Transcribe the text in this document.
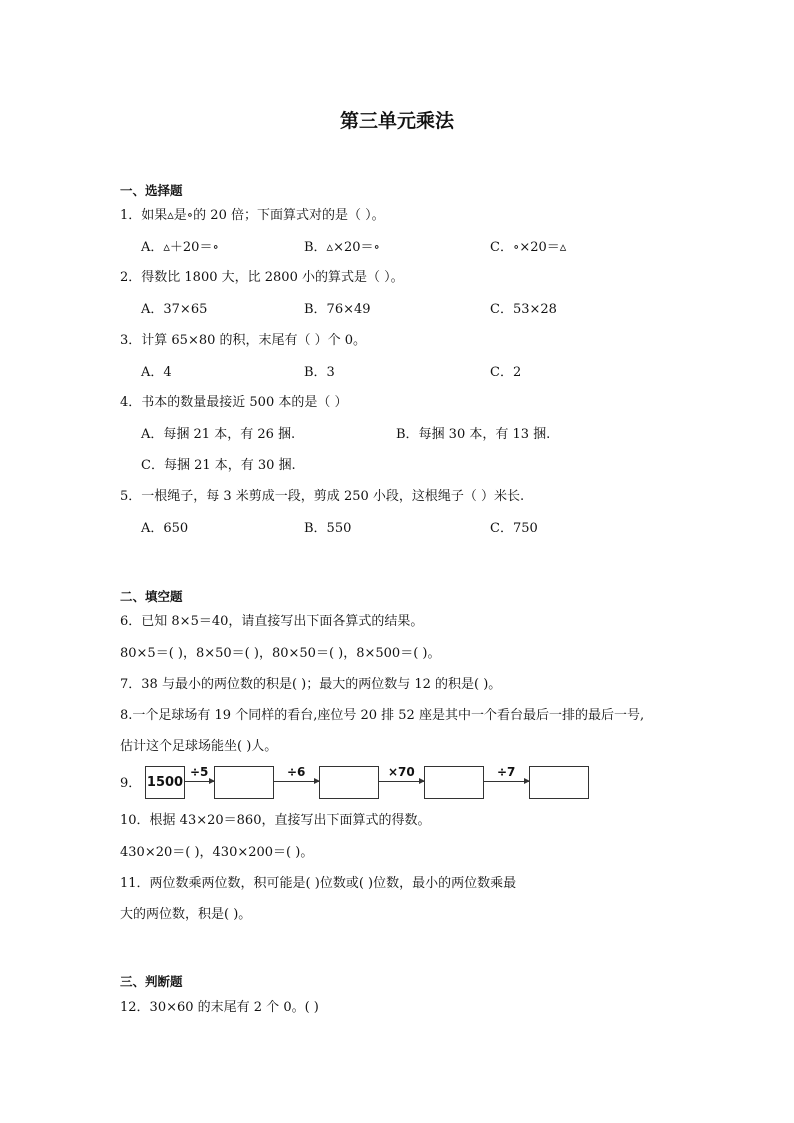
第三单元乘法
一、选择题
1．如果▵是∘的 20 倍；下面算式对的是（ ）。
A．▵＋20＝∘	B．▵×20＝∘	C．∘×20＝▵
2．得数比 1800 大，比 2800 小的算式是（ ）。
A．37×65	B．76×49	C．53×28
3．计算 65×80 的积，末尾有（ ）个 0。
A．4	B．3	C．2
4．书本的数量最接近 500 本的是（ ）
A．每捆 21 本，有 26 捆.	B．每捆 30 本，有 13 捆.
C．每捆 21 本，有 30 捆.
5．一根绳子，每 3 米剪成一段，剪成 250 小段，这根绳子（ ）米长.
A．650	B．550	C．750
二、填空题
6．已知 8×5＝40，请直接写出下面各算式的结果。
80×5＝( )，8×50＝( )，80×50＝( )，8×500＝( )。
7．38 与最小的两位数的积是( )；最大的两位数与 12 的积是( )。
8.一个足球场有 19 个同样的看台,座位号 20 排 52 座是其中一个看台最后一排的最后一号,
估计这个足球场能坐( )人。
9． 1500
÷5	÷6	×70	÷7
10．根据 43×20＝860，直接写出下面算式的得数。
430×20＝( )，430×200＝( )。
11．两位数乘两位数，积可能是( )位数或( )位数，最小的两位数乘最
大的两位数，积是( )。
三、判断题
12．30×60 的末尾有 2 个 0。( )
